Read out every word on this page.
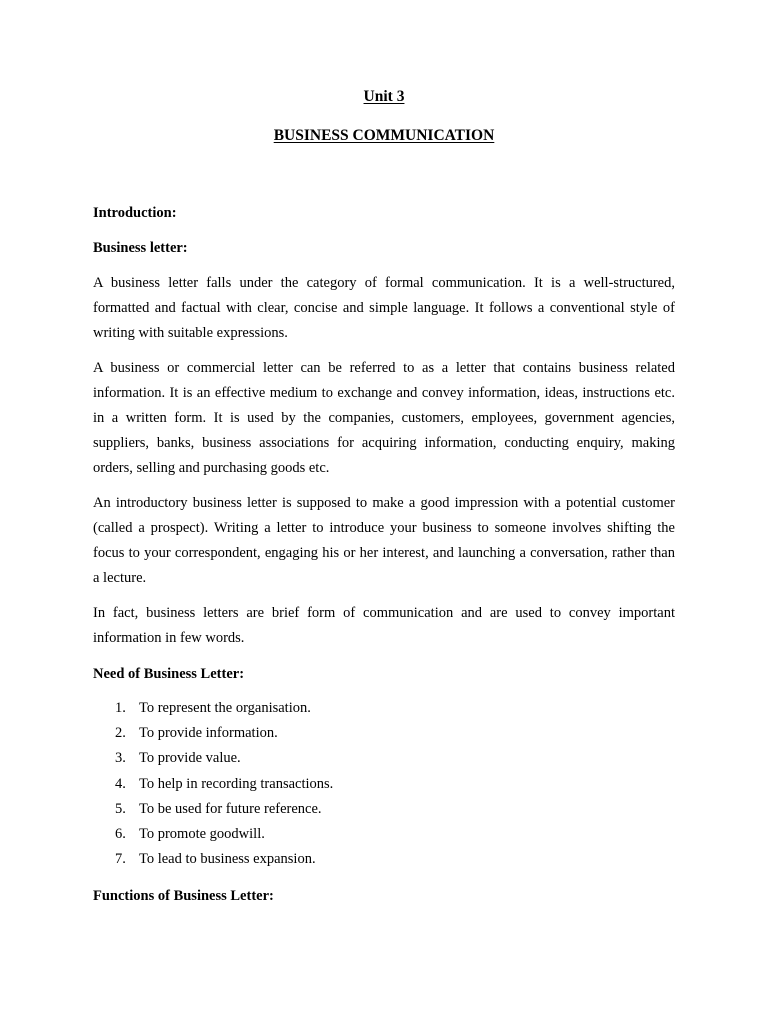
Unit 3
BUSINESS COMMUNICATION
Introduction:
Business letter:
A business letter falls under the category of formal communication. It is a well-structured, formatted and factual with clear, concise and simple language. It follows a conventional style of writing with suitable expressions.
A business or commercial letter can be referred to as a letter that contains business related information. It is an effective medium to exchange and convey information, ideas, instructions etc. in a written form. It is used by the companies, customers, employees, government agencies, suppliers, banks, business associations for acquiring information, conducting enquiry, making orders, selling and purchasing goods etc.
An introductory business letter is supposed to make a good impression with a potential customer (called a prospect). Writing a letter to introduce your business to someone involves shifting the focus to your correspondent, engaging his or her interest, and launching a conversation, rather than a lecture.
In fact, business letters are brief form of communication and are used to convey important information in few words.
Need of Business Letter:
1. To represent the organisation.
2. To provide information.
3. To provide value.
4. To help in recording transactions.
5. To be used for future reference.
6. To promote goodwill.
7. To lead to business expansion.
Functions of Business Letter:
